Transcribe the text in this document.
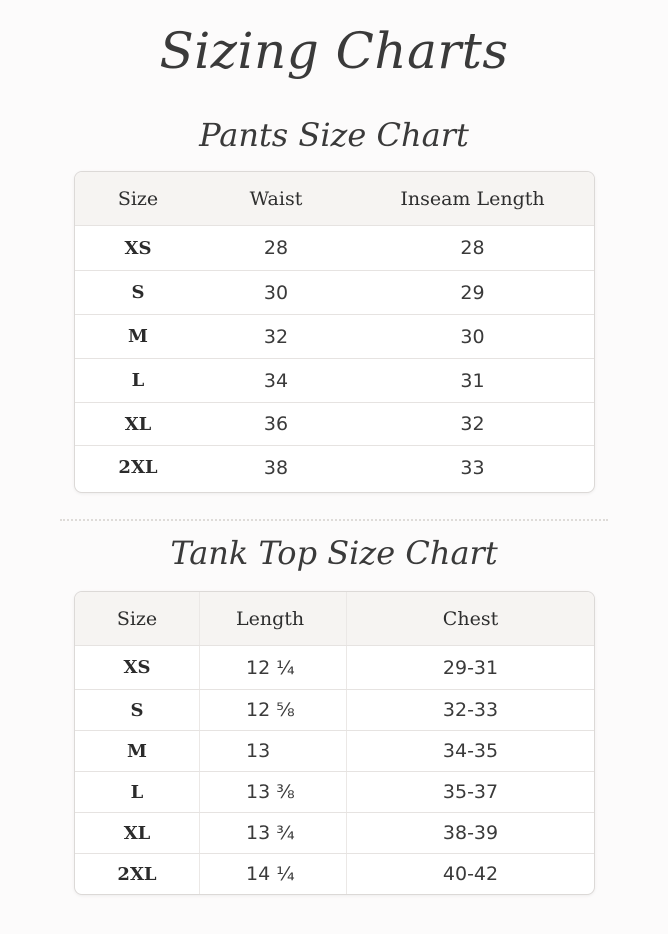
Sizing Charts
Pants Size Chart
Size	Waist	Inseam Length
XS	28	28
S	30	29
M	32	30
L	34	31
XL	36	32
2XL	38	33
Tank Top Size Chart
Size	Length	Chest
XS	12 ¼	29-31
S	12 ⅝	32-33
M	13	34-35
L	13 ⅜	35-37
XL	13 ¾	38-39
2XL	14 ¼	40-42
